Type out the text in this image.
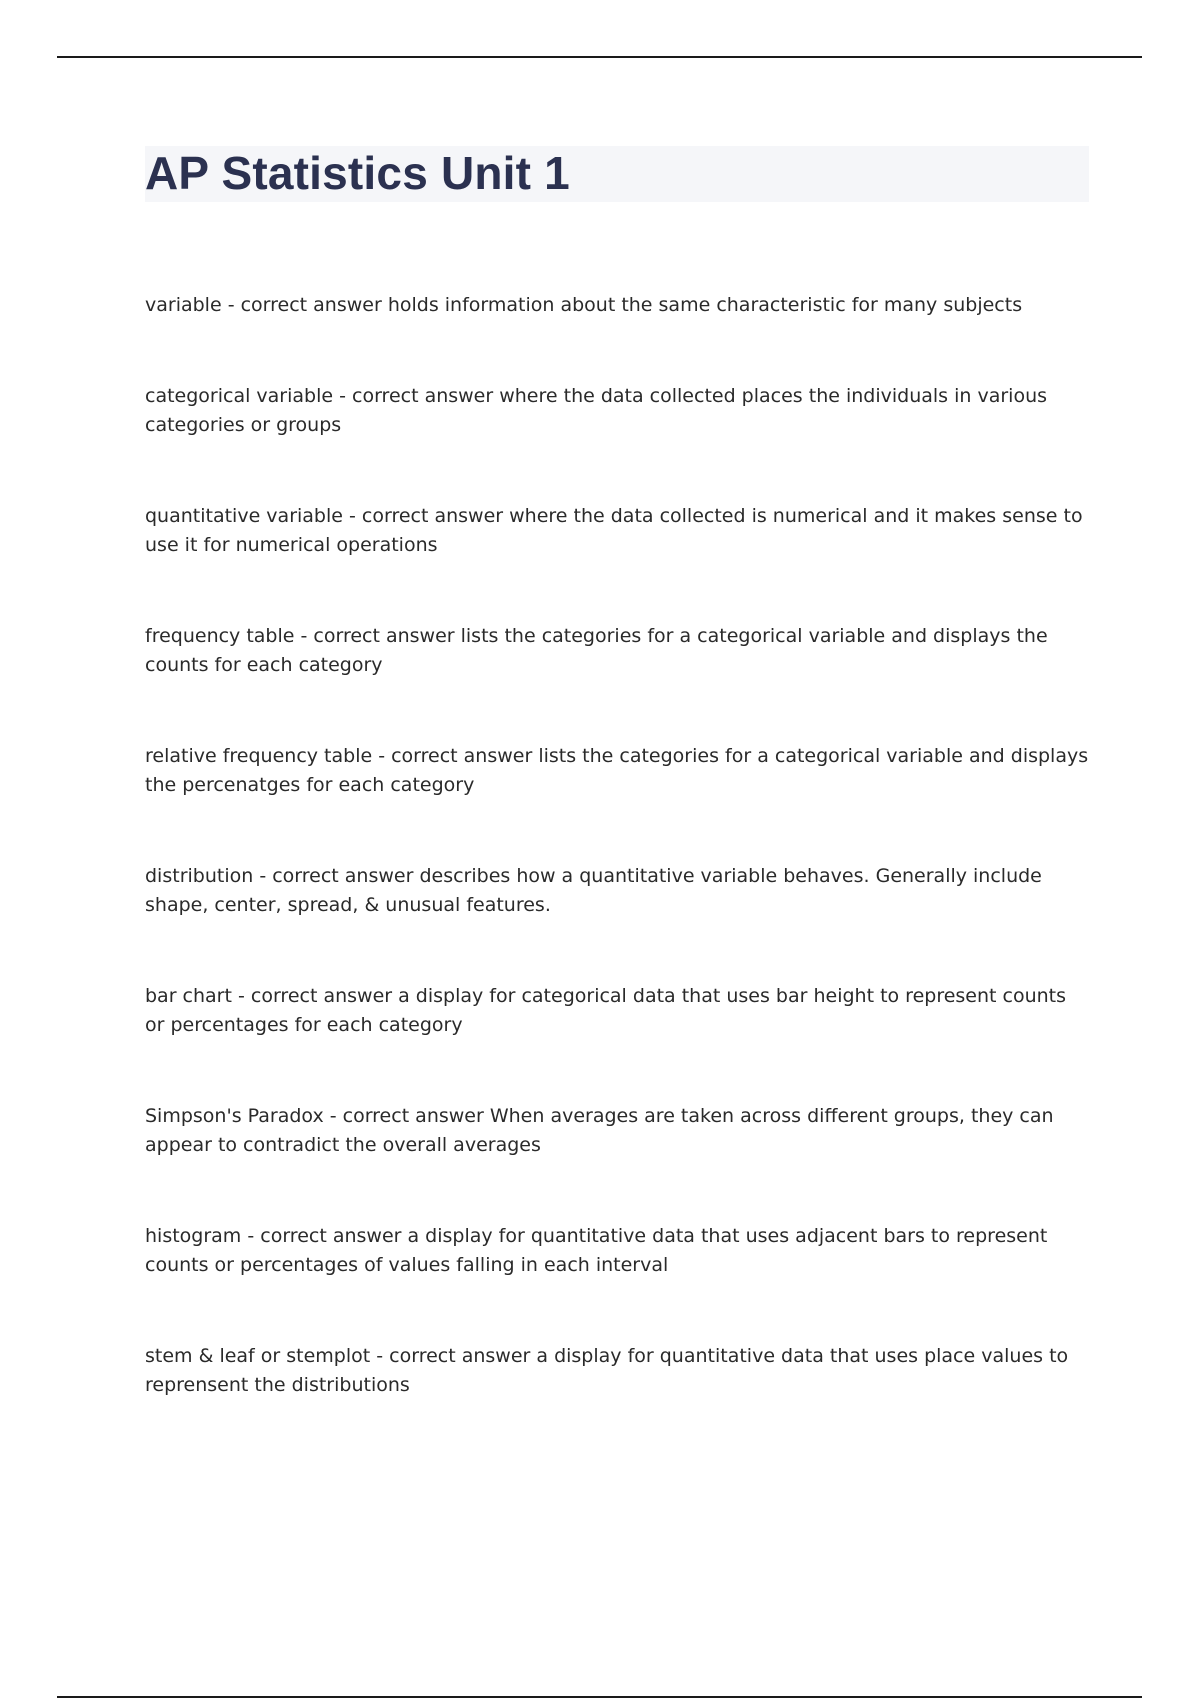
AP Statistics Unit 1

variable - correct answer holds information about the same characteristic for many subjects

categorical variable - correct answer where the data collected places the individuals in various categories or groups

quantitative variable - correct answer where the data collected is numerical and it makes sense to use it for numerical operations

frequency table - correct answer lists the categories for a categorical variable and displays the counts for each category

relative frequency table - correct answer lists the categories for a categorical variable and displays the percenatges for each category

distribution - correct answer describes how a quantitative variable behaves. Generally include shape, center, spread, & unusual features.

bar chart - correct answer a display for categorical data that uses bar height to represent counts or percentages for each category

Simpson's Paradox - correct answer When averages are taken across different groups, they can appear to contradict the overall averages

histogram - correct answer a display for quantitative data that uses adjacent bars to represent counts or percentages of values falling in each interval

stem & leaf or stemplot - correct answer a display for quantitative data that uses place values to reprensent the distributions
